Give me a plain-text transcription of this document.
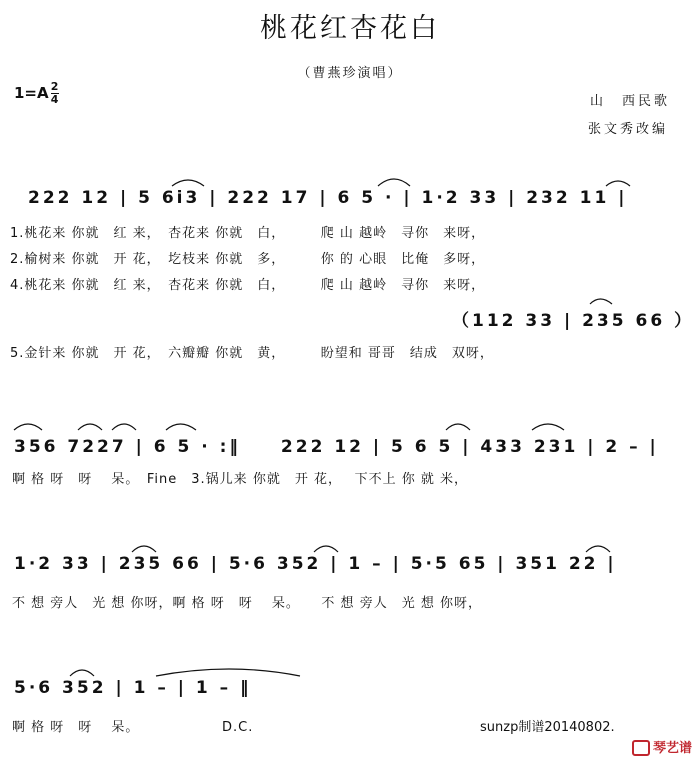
桃花红杏花白
（曹燕珍演唱）
$1=A \frac{2}{4}$	山　西民歌
张文秀改编
222 12 | 5 6i3 | 222 17 | 6 5 · | 1·2 33 | 232 11 |
1.桃花来 你就　红 来，　杏花来 你就　白，　　　爬 山 越岭　寻你　来呀，
2.榆树来 你就　开 花，　圪枝来 你就　多，　　　你 的 心眼　比俺　多呀，
4.桃花来 你就　红 来，　杏花来 你就　白，　　　爬 山 越岭　寻你　来呀，
（112 33 | 235 66 ）
5.金针来 你就　开 花，　六瓣瓣 你就　黄，　　　盼望和 哥哥　结成　双呀，
356 7227 | 6 5 · :‖　　222 12 | 5 6 5 | 433 231 | 2 – |
啊 格 呀　呀　 呆。　Fine　3.锅儿来 你就　开 花，　 下不上 你 就 米，
1·2 33 | 235 66 | 5·6 352 | 1 – | 5·5 65 | 351 22 |
不 想 旁人　光 想 你呀，啊 格 呀　呀　 呆。　　不 想 旁人　光 想 你呀，
5·6 352 | 1 – | 1 – ‖
啊 格 呀　呀　 呆。　　　　　　 D.C.	sunzp制谱20140802.
琴艺谱
